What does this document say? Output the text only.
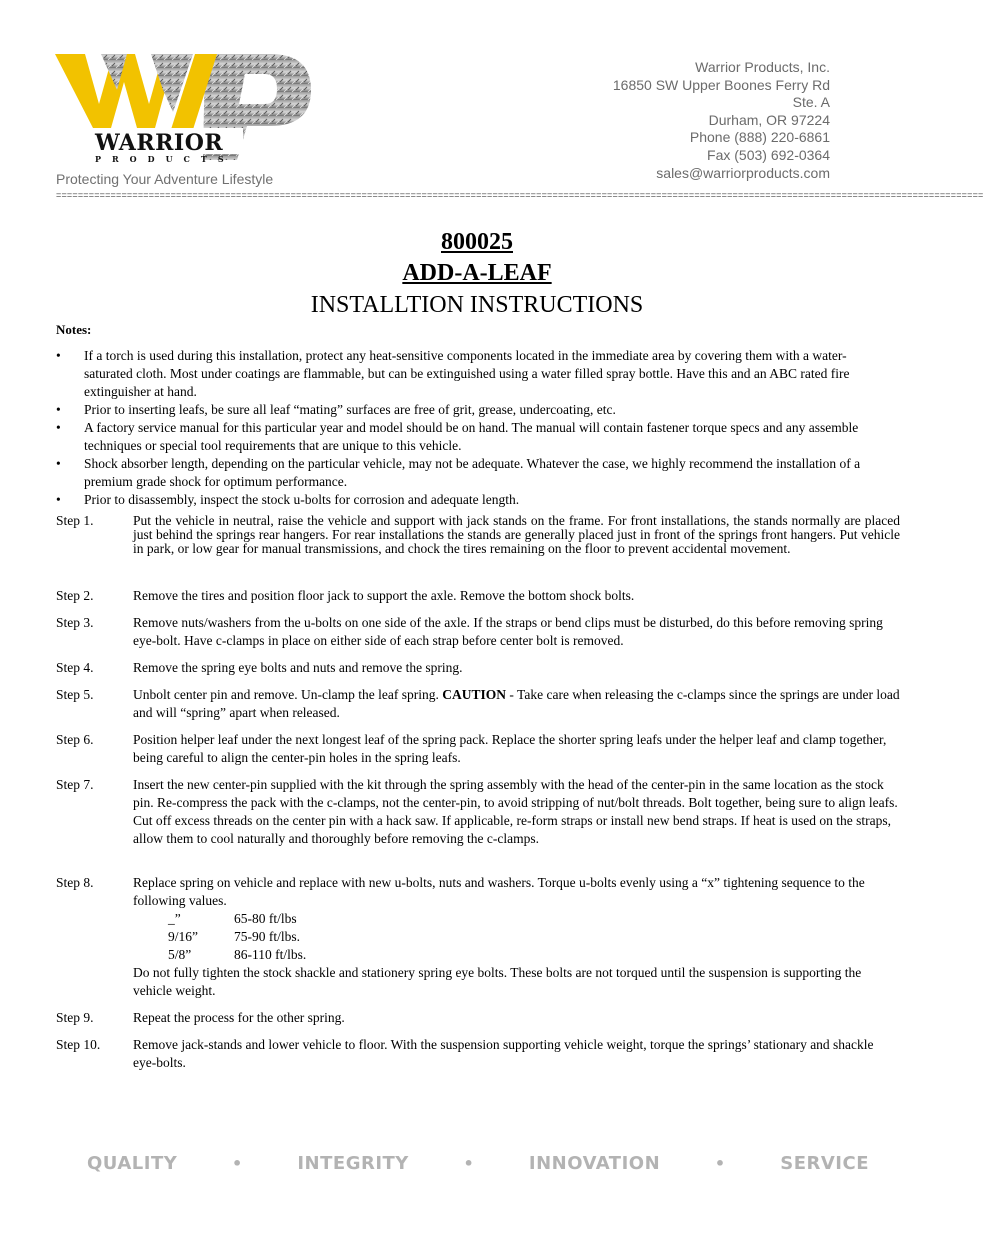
WARRIOR
PRODUCTS
Protecting Your Adventure Lifestyle
Warrior Products, Inc.
16850 SW Upper Boones Ferry Rd
Ste. A
Durham, OR 97224
Phone (888) 220-6861
Fax (503) 692-0364
sales@warriorproducts.com
==========================================================================================================================================================================
800025
ADD-A-LEAF
INSTALLTION INSTRUCTIONS
Notes:
• If a torch is used during this installation, protect any heat-sensitive components located in the immediate area by covering them with a water-saturated cloth. Most under coatings are flammable, but can be extinguished using a water filled spray bottle. Have this and an ABC rated fire extinguisher at hand.
• Prior to inserting leafs, be sure all leaf “mating” surfaces are free of grit, grease, undercoating, etc.
• A factory service manual for this particular year and model should be on hand. The manual will contain fastener torque specs and any assemble techniques or special tool requirements that are unique to this vehicle.
• Shock absorber length, depending on the particular vehicle, may not be adequate. Whatever the case, we highly recommend the installation of a premium grade shock for optimum performance.
• Prior to disassembly, inspect the stock u-bolts for corrosion and adequate length.
Step 1.	Put the vehicle in neutral, raise the vehicle and support with jack stands on the frame. For front installations, the stands normally are placed just behind the springs rear hangers. For rear installations the stands are generally placed just in front of the springs front hangers. Put vehicle in park, or low gear for manual transmissions, and chock the tires remaining on the floor to prevent accidental movement.
Step 2.	Remove the tires and position floor jack to support the axle. Remove the bottom shock bolts.
Step 3.	Remove nuts/washers from the u-bolts on one side of the axle. If the straps or bend clips must be disturbed, do this before removing spring eye-bolt. Have c-clamps in place on either side of each strap before center bolt is removed.
Step 4.	Remove the spring eye bolts and nuts and remove the spring.
Step 5.	Unbolt center pin and remove. Un-clamp the leaf spring. CAUTION - Take care when releasing the c-clamps since the springs are under load and will “spring” apart when released.
Step 6.	Position helper leaf under the next longest leaf of the spring pack. Replace the shorter spring leafs under the helper leaf and clamp together, being careful to align the center-pin holes in the spring leafs.
Step 7.	Insert the new center-pin supplied with the kit through the spring assembly with the head of the center-pin in the same location as the stock pin. Re-compress the pack with the c-clamps, not the center-pin, to avoid stripping of nut/bolt threads. Bolt together, being sure to align leafs. Cut off excess threads on the center pin with a hack saw. If applicable, re-form straps or install new bend straps. If heat is used on the straps, allow them to cool naturally and thoroughly before removing the c-clamps.
Step 8.	Replace spring on vehicle and replace with new u-bolts, nuts and washers. Torque u-bolts evenly using a “x” tightening sequence to the following values.
_”	65-80 ft/lbs
9/16”	75-90 ft/lbs.
5/8”	86-110 ft/lbs.
Do not fully tighten the stock shackle and stationery spring eye bolts. These bolts are not torqued until the suspension is supporting the vehicle weight.
Step 9.	Repeat the process for the other spring.
Step 10. Remove jack-stands and lower vehicle to floor. With the suspension supporting vehicle weight, torque the springs’ stationary and shackle eye-bolts.
QUALITY	•	INTEGRITY	•	INNOVATION	•	SERVICE
